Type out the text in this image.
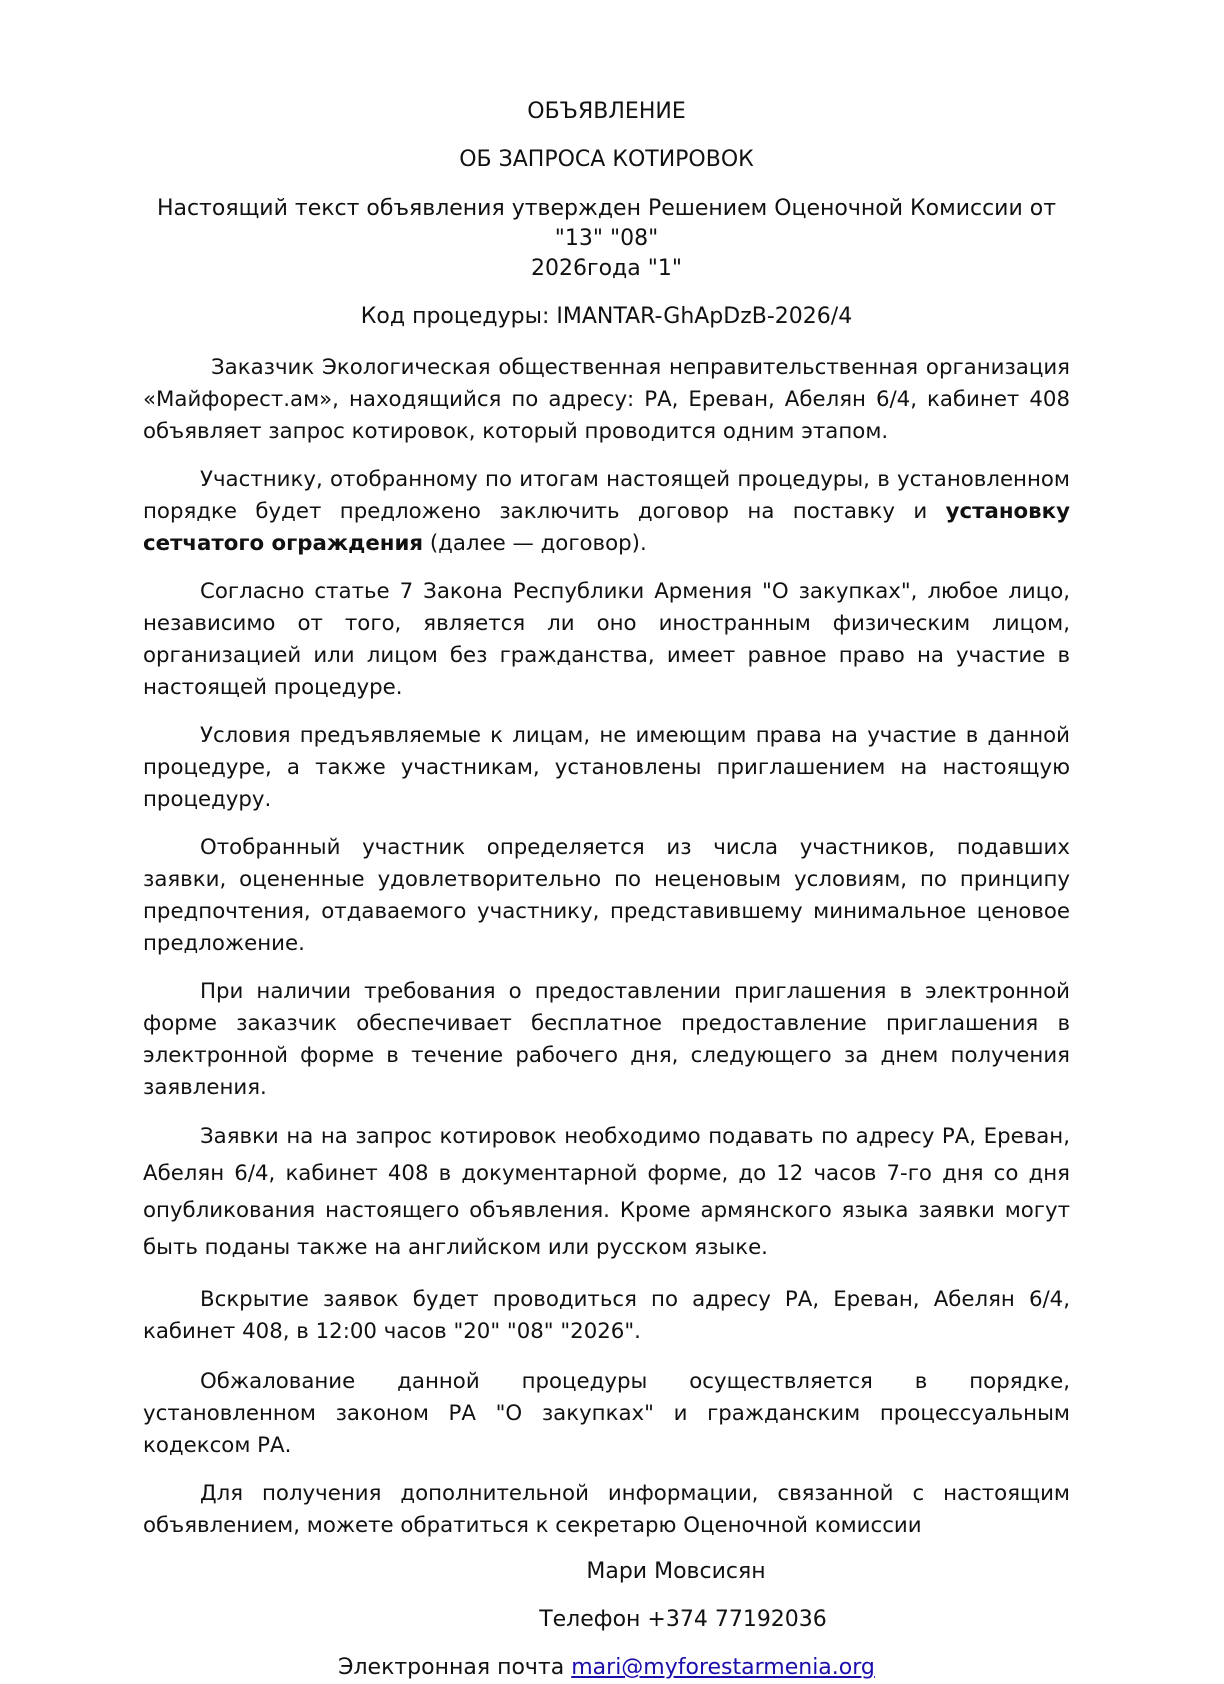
ОБЪЯВЛЕНИЕ

ОБ ЗАПРОСА КОТИРОВОК

Настоящий текст объявления утвержден Решением Оценочной Комиссии от "13" "08"
2026года "1"

Код процедуры: IMANTAR-GhApDzB-2026/4

Заказчик Экологическая общественная неправительственная организация «Майфорест.ам», находящийся по адресу: РА, Ереван, Абелян 6/4, кабинет 408 объявляет запрос котировок, который проводится одним этапом.

Участнику, отобранному по итогам настоящей процедуры, в установленном порядке будет предложено заключить договор на поставку и установку сетчатого ограждения (далее — договор).

Согласно статье 7 Закона Республики Армения "О закупках", любое лицо, независимо от того, является ли оно иностранным физическим лицом, организацией или лицом без гражданства, имеет равное право на участие в настоящей процедуре.

Условия предъявляемые к лицам, не имеющим права на участие в данной процедуре, а также участникам, установлены приглашением на настоящую процедуру.

Отобранный участник определяется из числа участников, подавших заявки, оцененные удовлетворительно по неценовым условиям, по принципу предпочтения, отдаваемого участнику, представившему минимальное ценовое предложение.

При наличии требования о предоставлении приглашения в электронной форме заказчик обеспечивает бесплатное предоставление приглашения в электронной форме в течение рабочего дня, следующего за днем получения заявления.

Заявки на на запрос котировок необходимо подавать по адресу РА, Ереван, Абелян 6/4, кабинет 408 в документарной форме, до 12 часов 7-го дня со дня опубликования настоящего объявления. Кроме армянского языка заявки могут быть поданы также на английском или русском языке.

Вскрытие заявок будет проводиться по адресу РА, Ереван, Абелян 6/4, кабинет 408, в 12:00 часов "20" "08" "2026".

Обжалование данной процедуры осуществляется в порядке, установленном законом РА "О закупках" и гражданским процессуальным кодексом РА.

Для получения дополнительной информации, связанной с настоящим объявлением, можете обратиться к секретарю Оценочной комиссии

Мари Мовсисян

Телефон +374 77192036

Электронная почта mari@myforestarmenia.org
